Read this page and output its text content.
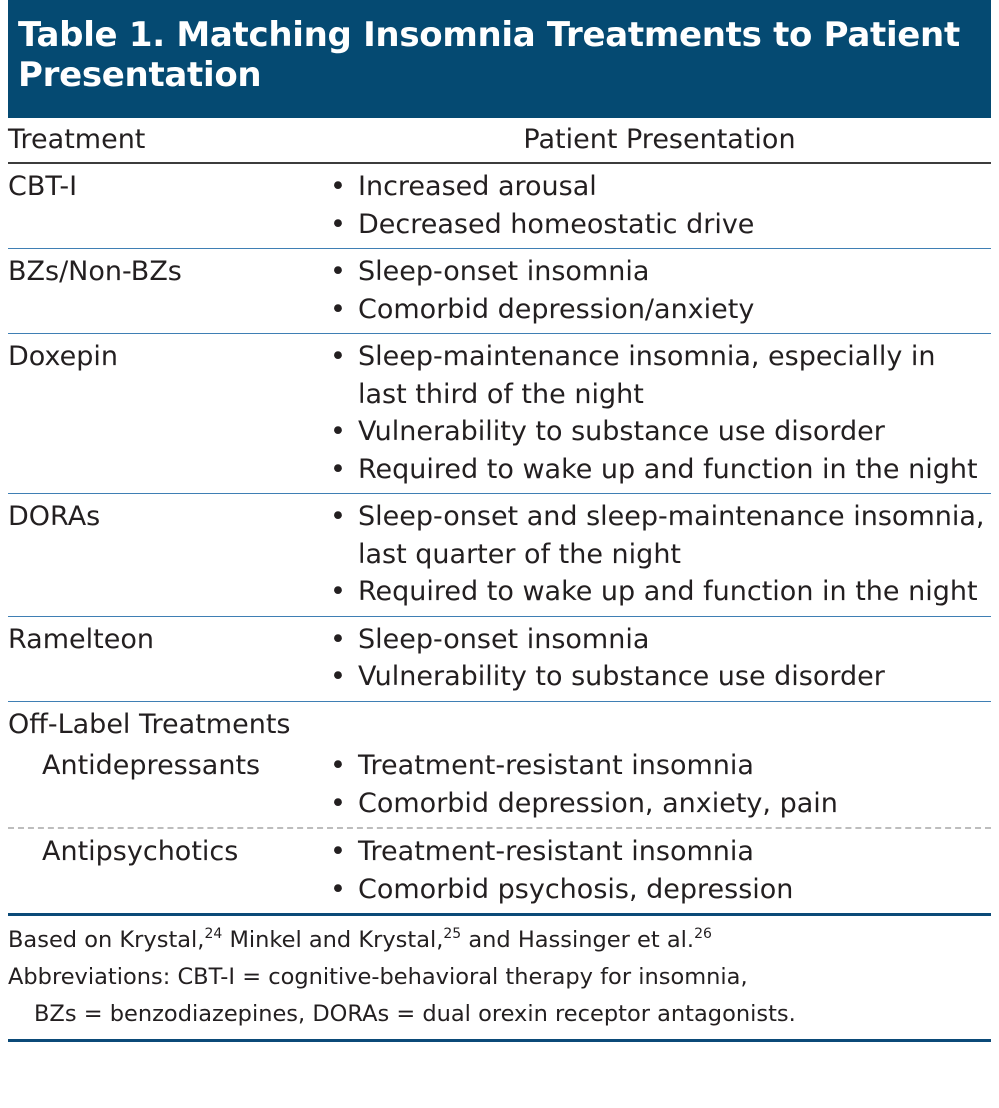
Table 1. Matching Insomnia Treatments to Patient Presentation
Treatment	Patient Presentation
CBT-I	• Increased arousal
• Decreased homeostatic drive
BZs/Non-BZs	• Sleep-onset insomnia
• Comorbid depression/anxiety
Doxepin	• Sleep-maintenance insomnia, especially in last third of the night
• Vulnerability to substance use disorder
• Required to wake up and function in the night
DORAs	• Sleep-onset and sleep-maintenance insomnia, last quarter of the night
• Required to wake up and function in the night
Ramelteon	• Sleep-onset insomnia
• Vulnerability to substance use disorder
Off-Label Treatments
Antidepressants	• Treatment-resistant insomnia
• Comorbid depression, anxiety, pain
Antipsychotics	• Treatment-resistant insomnia
• Comorbid psychosis, depression
Based on Krystal,$^{24}$ Minkel and Krystal,$^{25}$ and Hassinger et al.$^{26}$
Abbreviations: CBT-I = cognitive-behavioral therapy for insomnia,
BZs = benzodiazepines, DORAs = dual orexin receptor antagonists.
